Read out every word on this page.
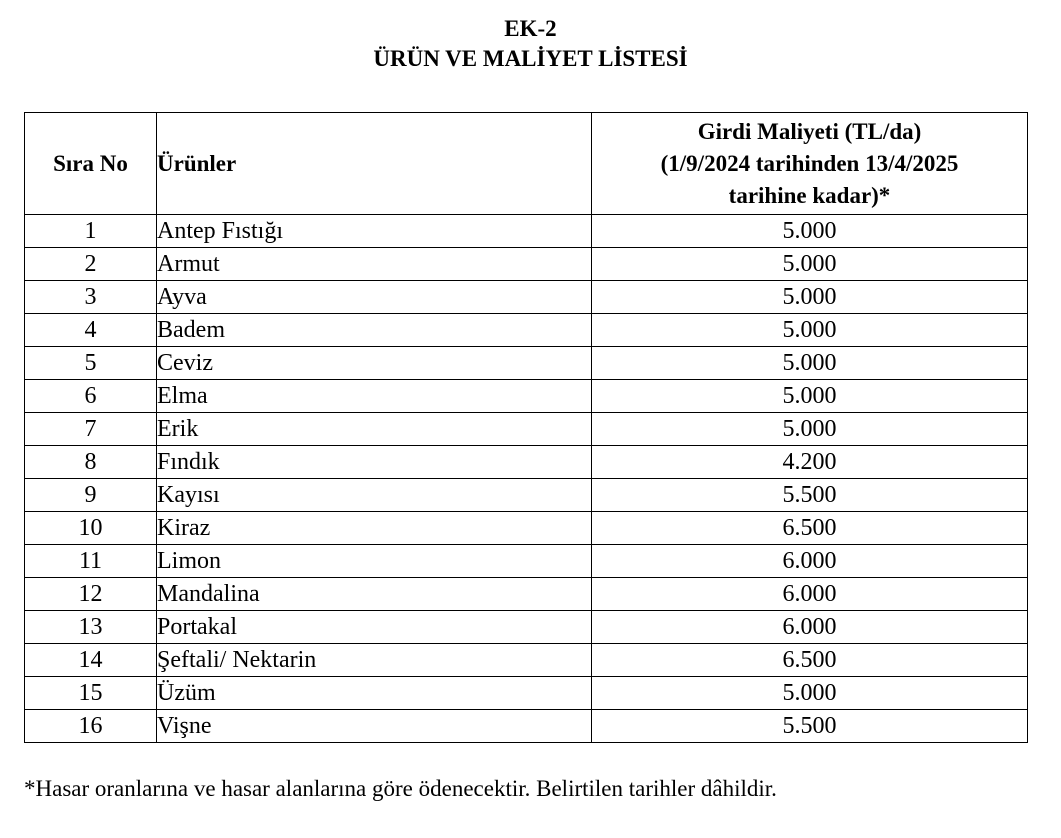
EK-2
ÜRÜN VE MALİYET LİSTESİ
Sıra No	Ürünler	Girdi Maliyeti (TL/da)
(1/9/2024 tarihinden 13/4/2025
tarihine kadar)*

1	Antep Fıstığı	5.000
2	Armut	5.000
3	Ayva	5.000
4	Badem	5.000
5	Ceviz	5.000
6	Elma	5.000
7	Erik	5.000
8	Fındık	4.200
9	Kayısı	5.500
10	Kiraz	6.500
11	Limon	6.000
12	Mandalina	6.000
13	Portakal	6.000
14	Şeftali/ Nektarin	6.500
15	Üzüm	5.000
16	Vişne	5.500
*Hasar oranlarına ve hasar alanlarına göre ödenecektir. Belirtilen tarihler dâhildir.
